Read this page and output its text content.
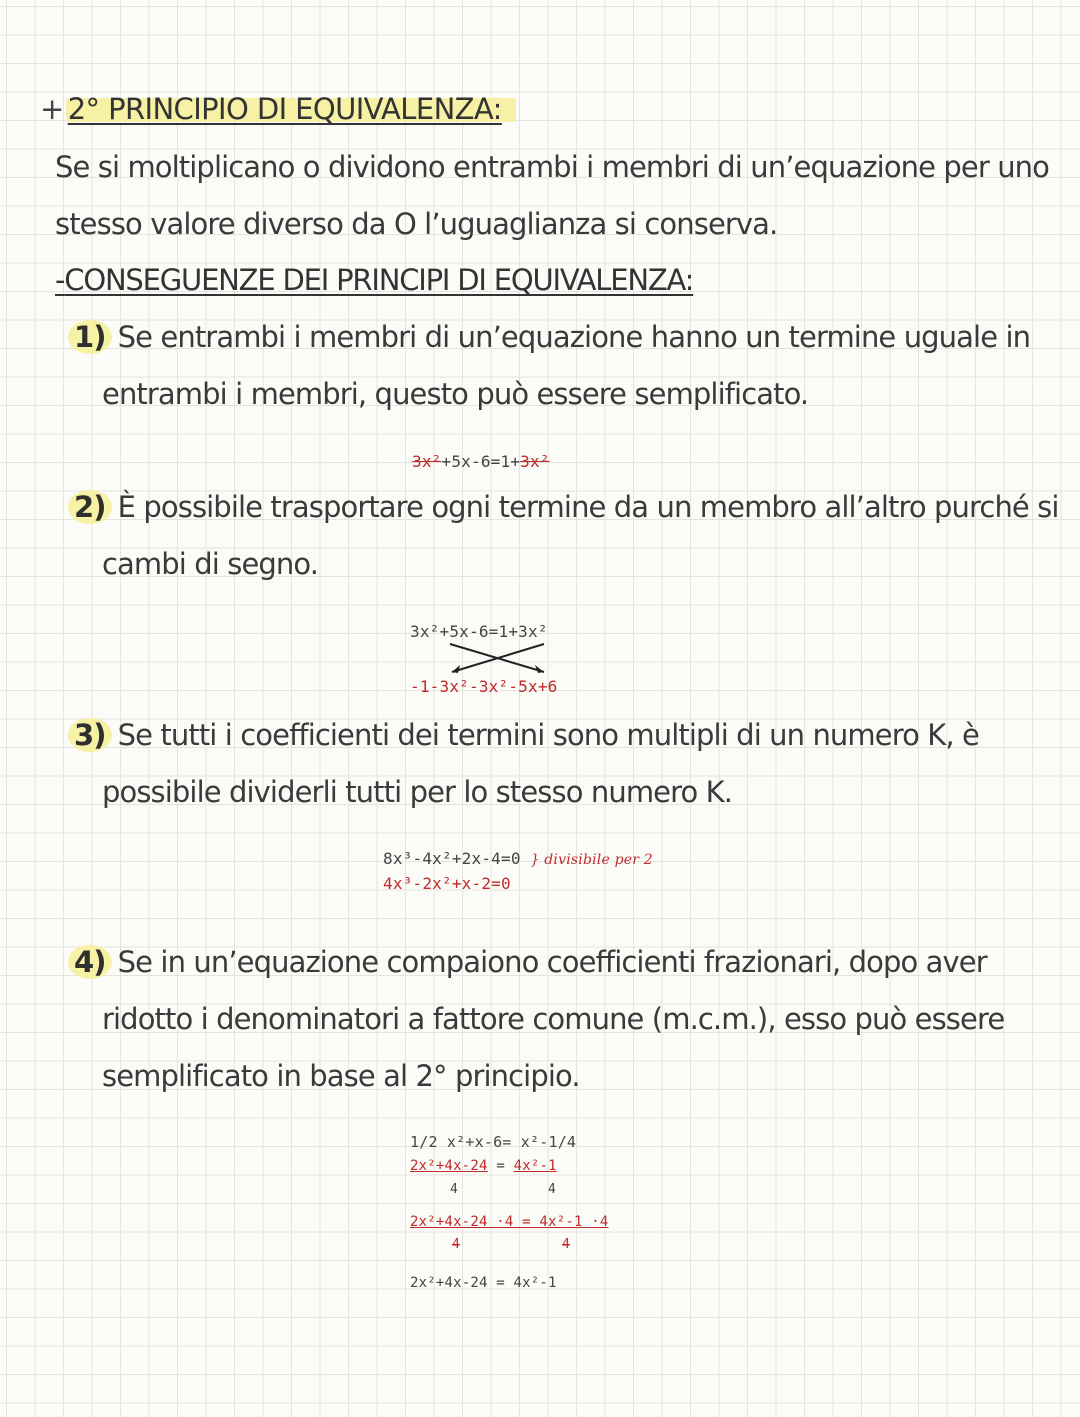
+ 2° PRINCIPIO DI EQUIVALENZA:
Se si moltiplicano o dividono entrambi i membri di un’equazione per uno
stesso valore diverso da O l’uguaglianza si conserva.
-CONSEGUENZE DEI PRINCIPI DI EQUIVALENZA:
1) Se entrambi i membri di un’equazione hanno un termine uguale in
entrambi i membri, questo può essere semplificato.
3x²+5x-6=1+3x²
2) È possibile trasportare ogni termine da un membro all’altro purché si
cambi di segno.
3x²+5x-6=1+3x²
-1-3x²-3x²-5x+6
3) Se tutti i coefficienti dei termini sono multipli di un numero K, è
possibile dividerli tutti per lo stesso numero K.
8x³-4x²+2x-4=0 } divisibile per 2
4x³-2x²+x-2=0
4) Se in un’equazione compaiono coefficienti frazionari, dopo aver
ridotto i denominatori a fattore comune (m.c.m.), esso può essere
semplificato in base al 2° principio.
1/2 x²+x-6= x²-1/4
2x²+4x-24 = 4x²-1
4	4
2x²+4x-24 ·4 = 4x²-1 ·4
4	4
2x²+4x-24 = 4x²-1
